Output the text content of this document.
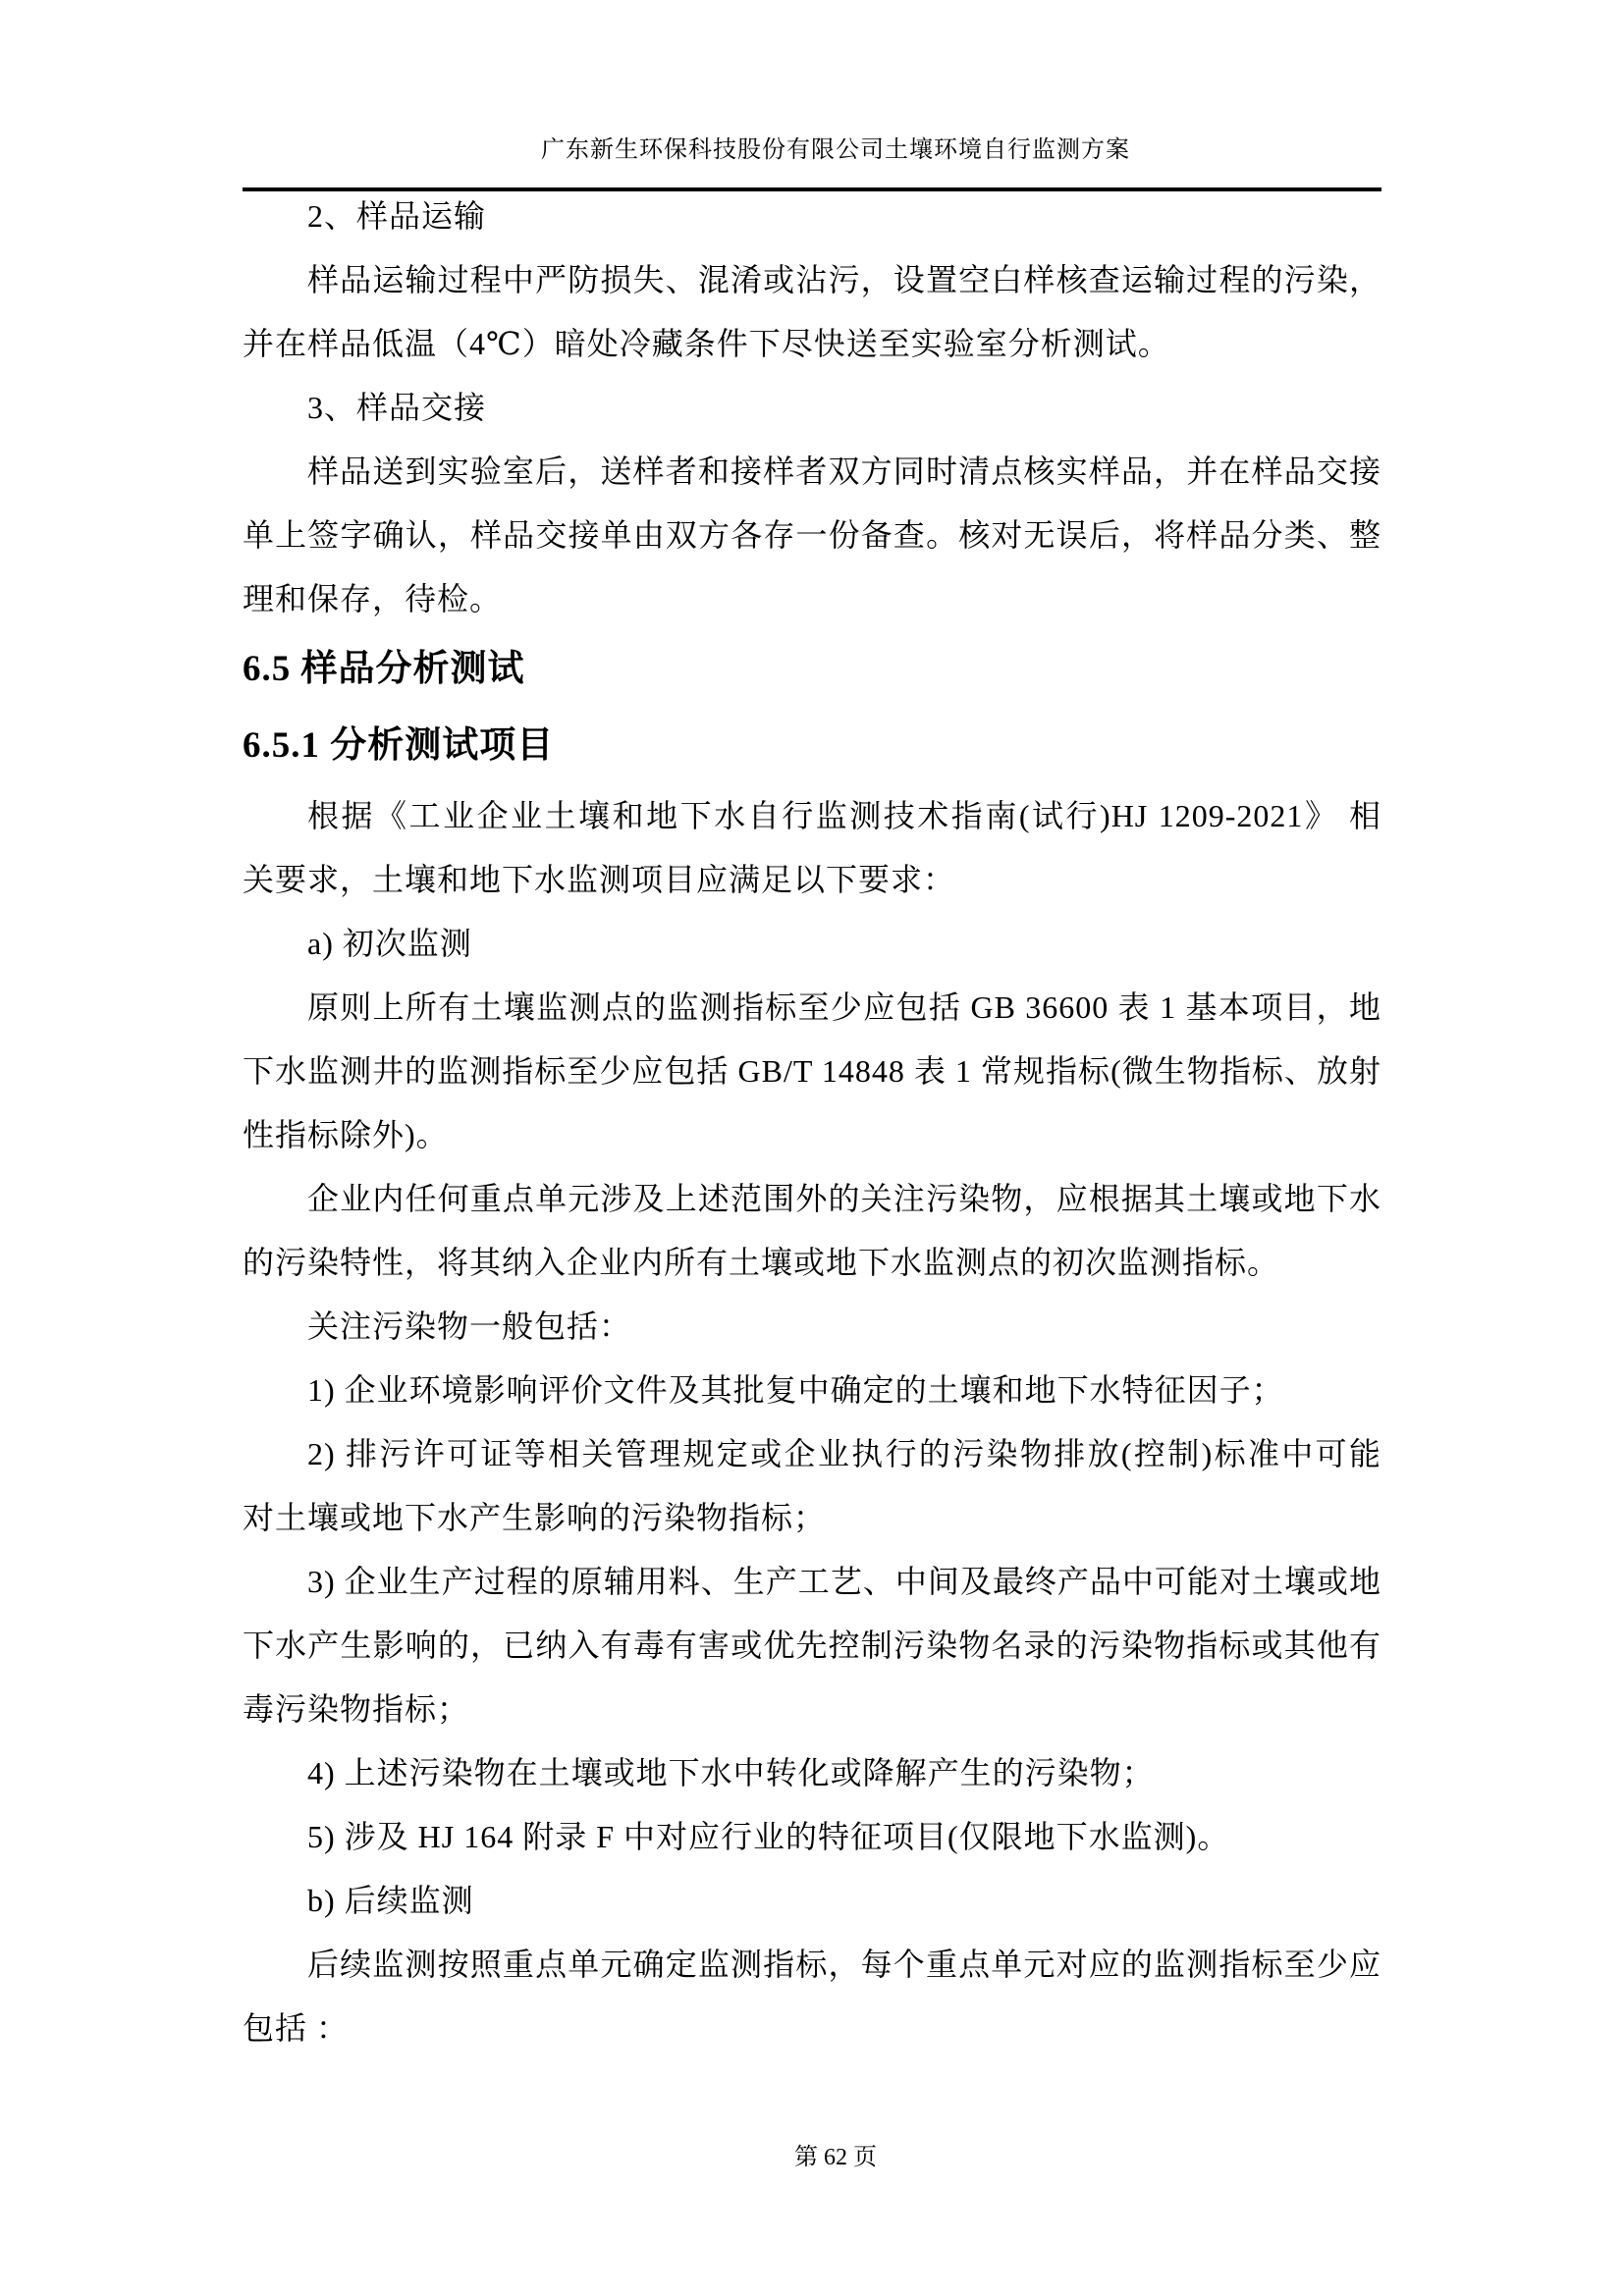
广东新生环保科技股份有限公司土壤环境自行监测方案
2、样品运输
样品运输过程中严防损失、混淆或沾污，设置空白样核查运输过程的污染，
并在样品低温（4℃）暗处冷藏条件下尽快送至实验室分析测试。
3、样品交接
样品送到实验室后，送样者和接样者双方同时清点核实样品，并在样品交接
单上签字确认，样品交接单由双方各存一份备查。核对无误后，将样品分类、整
理和保存，待检。
6.5 样品分析测试
6.5.1 分析测试项目
根据《工业企业土壤和地下水自行监测技术指南(试行)HJ 1209-2021》 相
关要求，土壤和地下水监测项目应满足以下要求：
a) 初次监测
原则上所有土壤监测点的监测指标至少应包括 GB 36600 表 1 基本项目，地
下水监测井的监测指标至少应包括 GB/T 14848 表 1 常规指标(微生物指标、放射
性指标除外)。
企业内任何重点单元涉及上述范围外的关注污染物，应根据其土壤或地下水
的污染特性，将其纳入企业内所有土壤或地下水监测点的初次监测指标。
关注污染物一般包括：
1) 企业环境影响评价文件及其批复中确定的土壤和地下水特征因子；
2) 排污许可证等相关管理规定或企业执行的污染物排放(控制)标准中可能
对土壤或地下水产生影响的污染物指标；
3) 企业生产过程的原辅用料、生产工艺、中间及最终产品中可能对土壤或地
下水产生影响的，已纳入有毒有害或优先控制污染物名录的污染物指标或其他有
毒污染物指标；
4) 上述污染物在土壤或地下水中转化或降解产生的污染物；
5) 涉及 HJ 164 附录 F 中对应行业的特征项目(仅限地下水监测)。
b) 后续监测
后续监测按照重点单元确定监测指标，每个重点单元对应的监测指标至少应
包括 ：
第 62 页
